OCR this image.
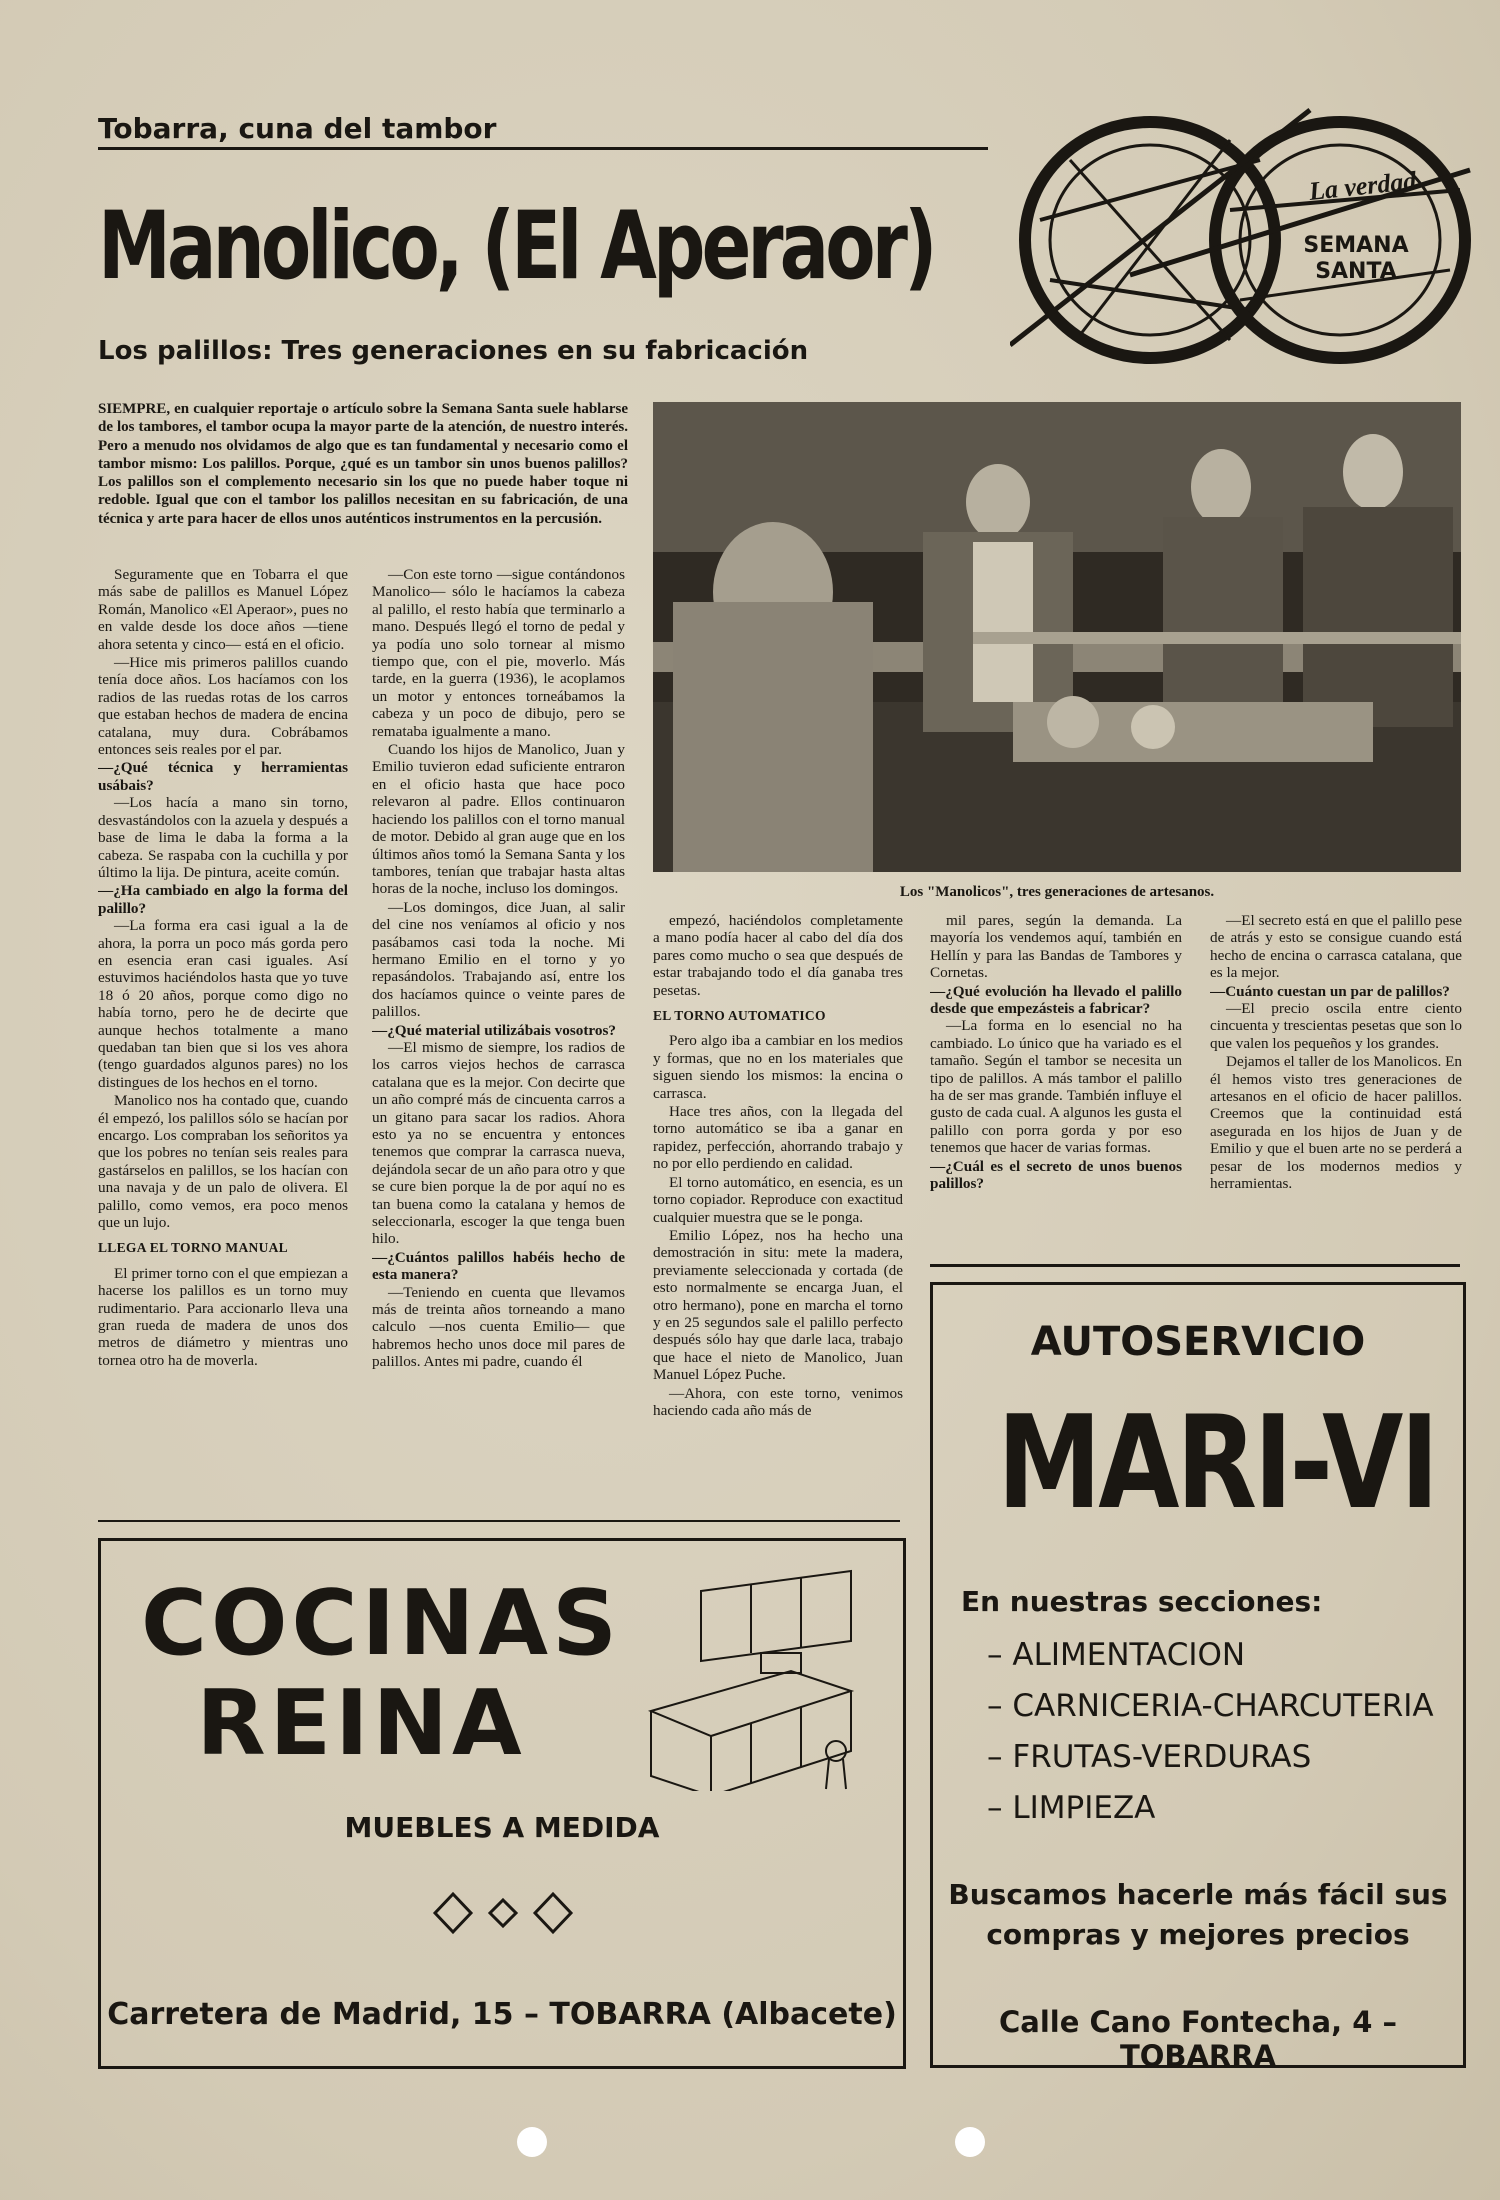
Tobarra, cuna del tambor
Manolico, (El Aperaor)
Los palillos: Tres generaciones en su fabricación
La verdad
SEMANA
SANTA
SIEMPRE, en cualquier reportaje o artículo sobre la Semana Santa suele hablarse de los tambores, el tambor ocupa la mayor parte de la atención, de nuestro interés. Pero a menudo nos olvidamos de algo que es tan fundamental y necesario como el tambor mismo: Los palillos. Porque, ¿qué es un tambor sin unos buenos palillos? Los palillos son el complemento necesario sin los que no puede haber toque ni redoble. Igual que con el tambor los palillos necesitan en su fabricación, de una técnica y arte para hacer de ellos unos auténticos instrumentos en la percusión.

Seguramente que en Tobarra el que más sabe de palillos es Manuel López Román, Manolico «El Aperaor», pues no en valde desde los doce años —tiene ahora setenta y cinco— está en el oficio.

—Hice mis primeros palillos cuando tenía doce años. Los hacíamos con los radios de las ruedas rotas de los carros que estaban hechos de madera de encina catalana, muy dura. Cobrábamos entonces seis reales por el par.

—¿Qué técnica y herramientas usábais?

—Los hacía a mano sin torno, desvastándolos con la azuela y después a base de lima le daba la forma a la cabeza. Se raspaba con la cuchilla y por último la lija. De pintura, aceite común.

—¿Ha cambiado en algo la forma del palillo?

—La forma era casi igual a la de ahora, la porra un poco más gorda pero en esencia eran casi iguales. Así estuvimos haciéndolos hasta que yo tuve 18 ó 20 años, porque como digo no había torno, pero he de decirte que aunque hechos totalmente a mano quedaban tan bien que si los ves ahora (tengo guardados algunos pares) no los distingues de los hechos en el torno.

Manolico nos ha contado que, cuando él empezó, los palillos sólo se hacían por encargo. Los compraban los señoritos ya que los pobres no tenían seis reales para gastárselos en palillos, se los hacían con una navaja y de un palo de olivera. El palillo, como vemos, era poco menos que un lujo.

LLEGA EL TORNO MANUAL

El primer torno con el que empiezan a hacerse los palillos es un torno muy rudimentario. Para accionarlo lleva una gran rueda de madera de unos dos metros de diámetro y mientras uno tornea otro ha de moverla.

—Con este torno —sigue contándonos Manolico— sólo le hacíamos la cabeza al palillo, el resto había que terminarlo a mano. Después llegó el torno de pedal y ya podía uno solo tornear al mismo tiempo que, con el pie, moverlo. Más tarde, en la guerra (1936), le acoplamos un motor y entonces torneábamos la cabeza y un poco de dibujo, pero se remataba igualmente a mano.

Cuando los hijos de Manolico, Juan y Emilio tuvieron edad suficiente entraron en el oficio hasta que hace poco relevaron al padre. Ellos continuaron haciendo los palillos con el torno manual de motor. Debido al gran auge que en los últimos años tomó la Semana Santa y los tambores, tenían que trabajar hasta altas horas de la noche, incluso los domingos.

—Los domingos, dice Juan, al salir del cine nos veníamos al oficio y nos pasábamos casi toda la noche. Mi hermano Emilio en el torno y yo repasándolos. Trabajando así, entre los dos hacíamos quince o veinte pares de palillos.

—¿Qué material utilizábais vosotros?

—El mismo de siempre, los radios de los carros viejos hechos de carrasca catalana que es la mejor. Con decirte que un año compré más de cincuenta carros a un gitano para sacar los radios. Ahora esto ya no se encuentra y entonces tenemos que comprar la carrasca nueva, dejándola secar de un año para otro y que se cure bien porque la de por aquí no es tan buena como la catalana y hemos de seleccionarla, escoger la que tenga buen hilo.

—¿Cuántos palillos habéis hecho de esta manera?

—Teniendo en cuenta que llevamos más de treinta años torneando a mano calculo —nos cuenta Emilio— que habremos hecho unos doce mil pares de palillos. Antes mi padre, cuando él

Los "Manolicos", tres generaciones de artesanos.

empezó, haciéndolos completamente a mano podía hacer al cabo del día dos pares como mucho o sea que después de estar trabajando todo el día ganaba tres pesetas.

EL TORNO AUTOMATICO

Pero algo iba a cambiar en los medios y formas, que no en los materiales que siguen siendo los mismos: la encina o carrasca.

Hace tres años, con la llegada del torno automático se iba a ganar en rapidez, perfección, ahorrando trabajo y no por ello perdiendo en calidad.

El torno automático, en esencia, es un torno copiador. Reproduce con exactitud cualquier muestra que se le ponga.

Emilio López, nos ha hecho una demostración in situ: mete la madera, previamente seleccionada y cortada (de esto normalmente se encarga Juan, el otro hermano), pone en marcha el torno y en 25 segundos sale el palillo perfecto después sólo hay que darle laca, trabajo que hace el nieto de Manolico, Juan Manuel López Puche.

—Ahora, con este torno, venimos haciendo cada año más de

mil pares, según la demanda. La mayoría los vendemos aquí, también en Hellín y para las Bandas de Tambores y Cornetas.

—¿Qué evolución ha llevado el palillo desde que empezásteis a fabricar?

—La forma en lo esencial no ha cambiado. Lo único que ha variado es el tamaño. Según el tambor se necesita un tipo de palillos. A más tambor el palillo ha de ser mas grande. También influye el gusto de cada cual. A algunos les gusta el palillo con porra gorda y por eso tenemos que hacer de varias formas.

—¿Cuál es el secreto de unos buenos palillos?

—El secreto está en que el palillo pese de atrás y esto se consigue cuando está hecho de encina o carrasca catalana, que es la mejor.

—Cuánto cuestan un par de palillos?

—El precio oscila entre ciento cincuenta y trescientas pesetas que son lo que valen los pequeños y los grandes.

Dejamos el taller de los Manolicos. En él hemos visto tres generaciones de artesanos en el oficio de hacer palillos. Creemos que la continuidad está asegurada en los hijos de Juan y de Emilio y que el buen arte no se perderá a pesar de los modernos medios y herramientas.

COCINAS
REINA
MUEBLES A MEDIDA
Carretera de Madrid, 15 – TOBARRA (Albacete)
AUTOSERVICIO
MARI-VI
En nuestras secciones:
– ALIMENTACION
– CARNICERIA-CHARCUTERIA
– FRUTAS-VERDURAS
– LIMPIEZA
Buscamos hacerle más fácil sus
compras y mejores precios
Calle Cano Fontecha, 4 – TOBARRA
